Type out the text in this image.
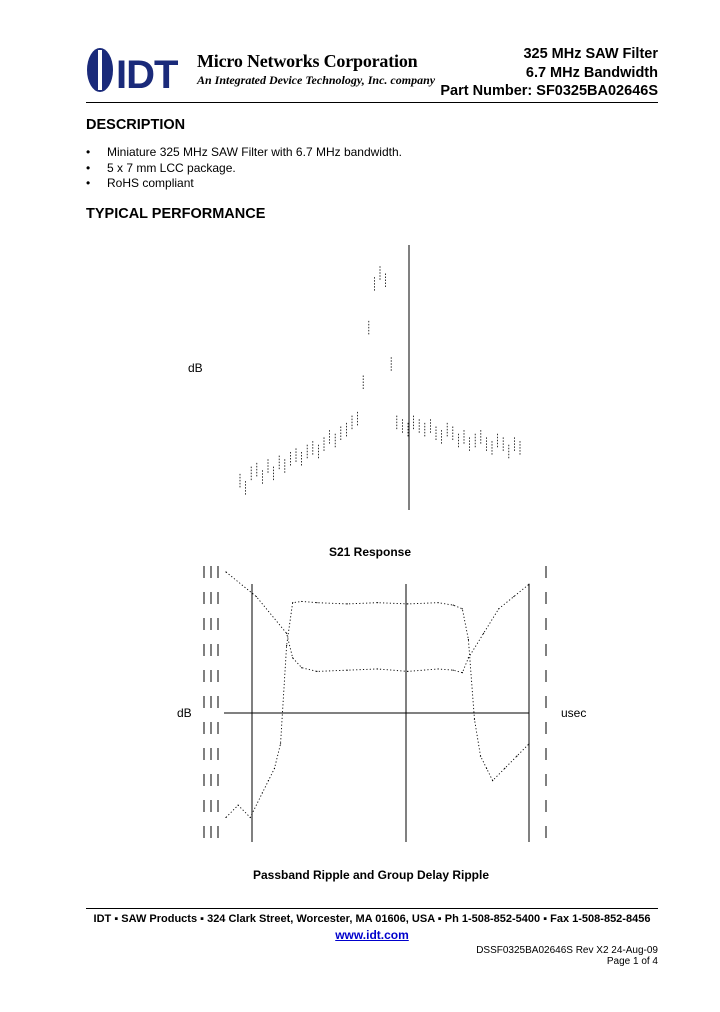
IDT Micro Networks Corporation
An Integrated Device Technology, Inc. company
325 MHz SAW Filter
6.7 MHz Bandwidth
Part Number: SF0325BA02646S
DESCRIPTION
• Miniature 325 MHz SAW Filter with 6.7 MHz bandwidth.
• 5 x 7 mm LCC package.
• RoHS compliant
TYPICAL PERFORMANCE
dB
S21 Response
dB	usec
Passband Ripple and Group Delay Ripple
IDT ▪ SAW Products ▪ 324 Clark Street, Worcester, MA 01606, USA ▪ Ph 1-508-852-5400 ▪ Fax 1-508-852-8456
www.idt.com
DSSF0325BA02646S Rev X2 24-Aug-09
Page 1 of 4
